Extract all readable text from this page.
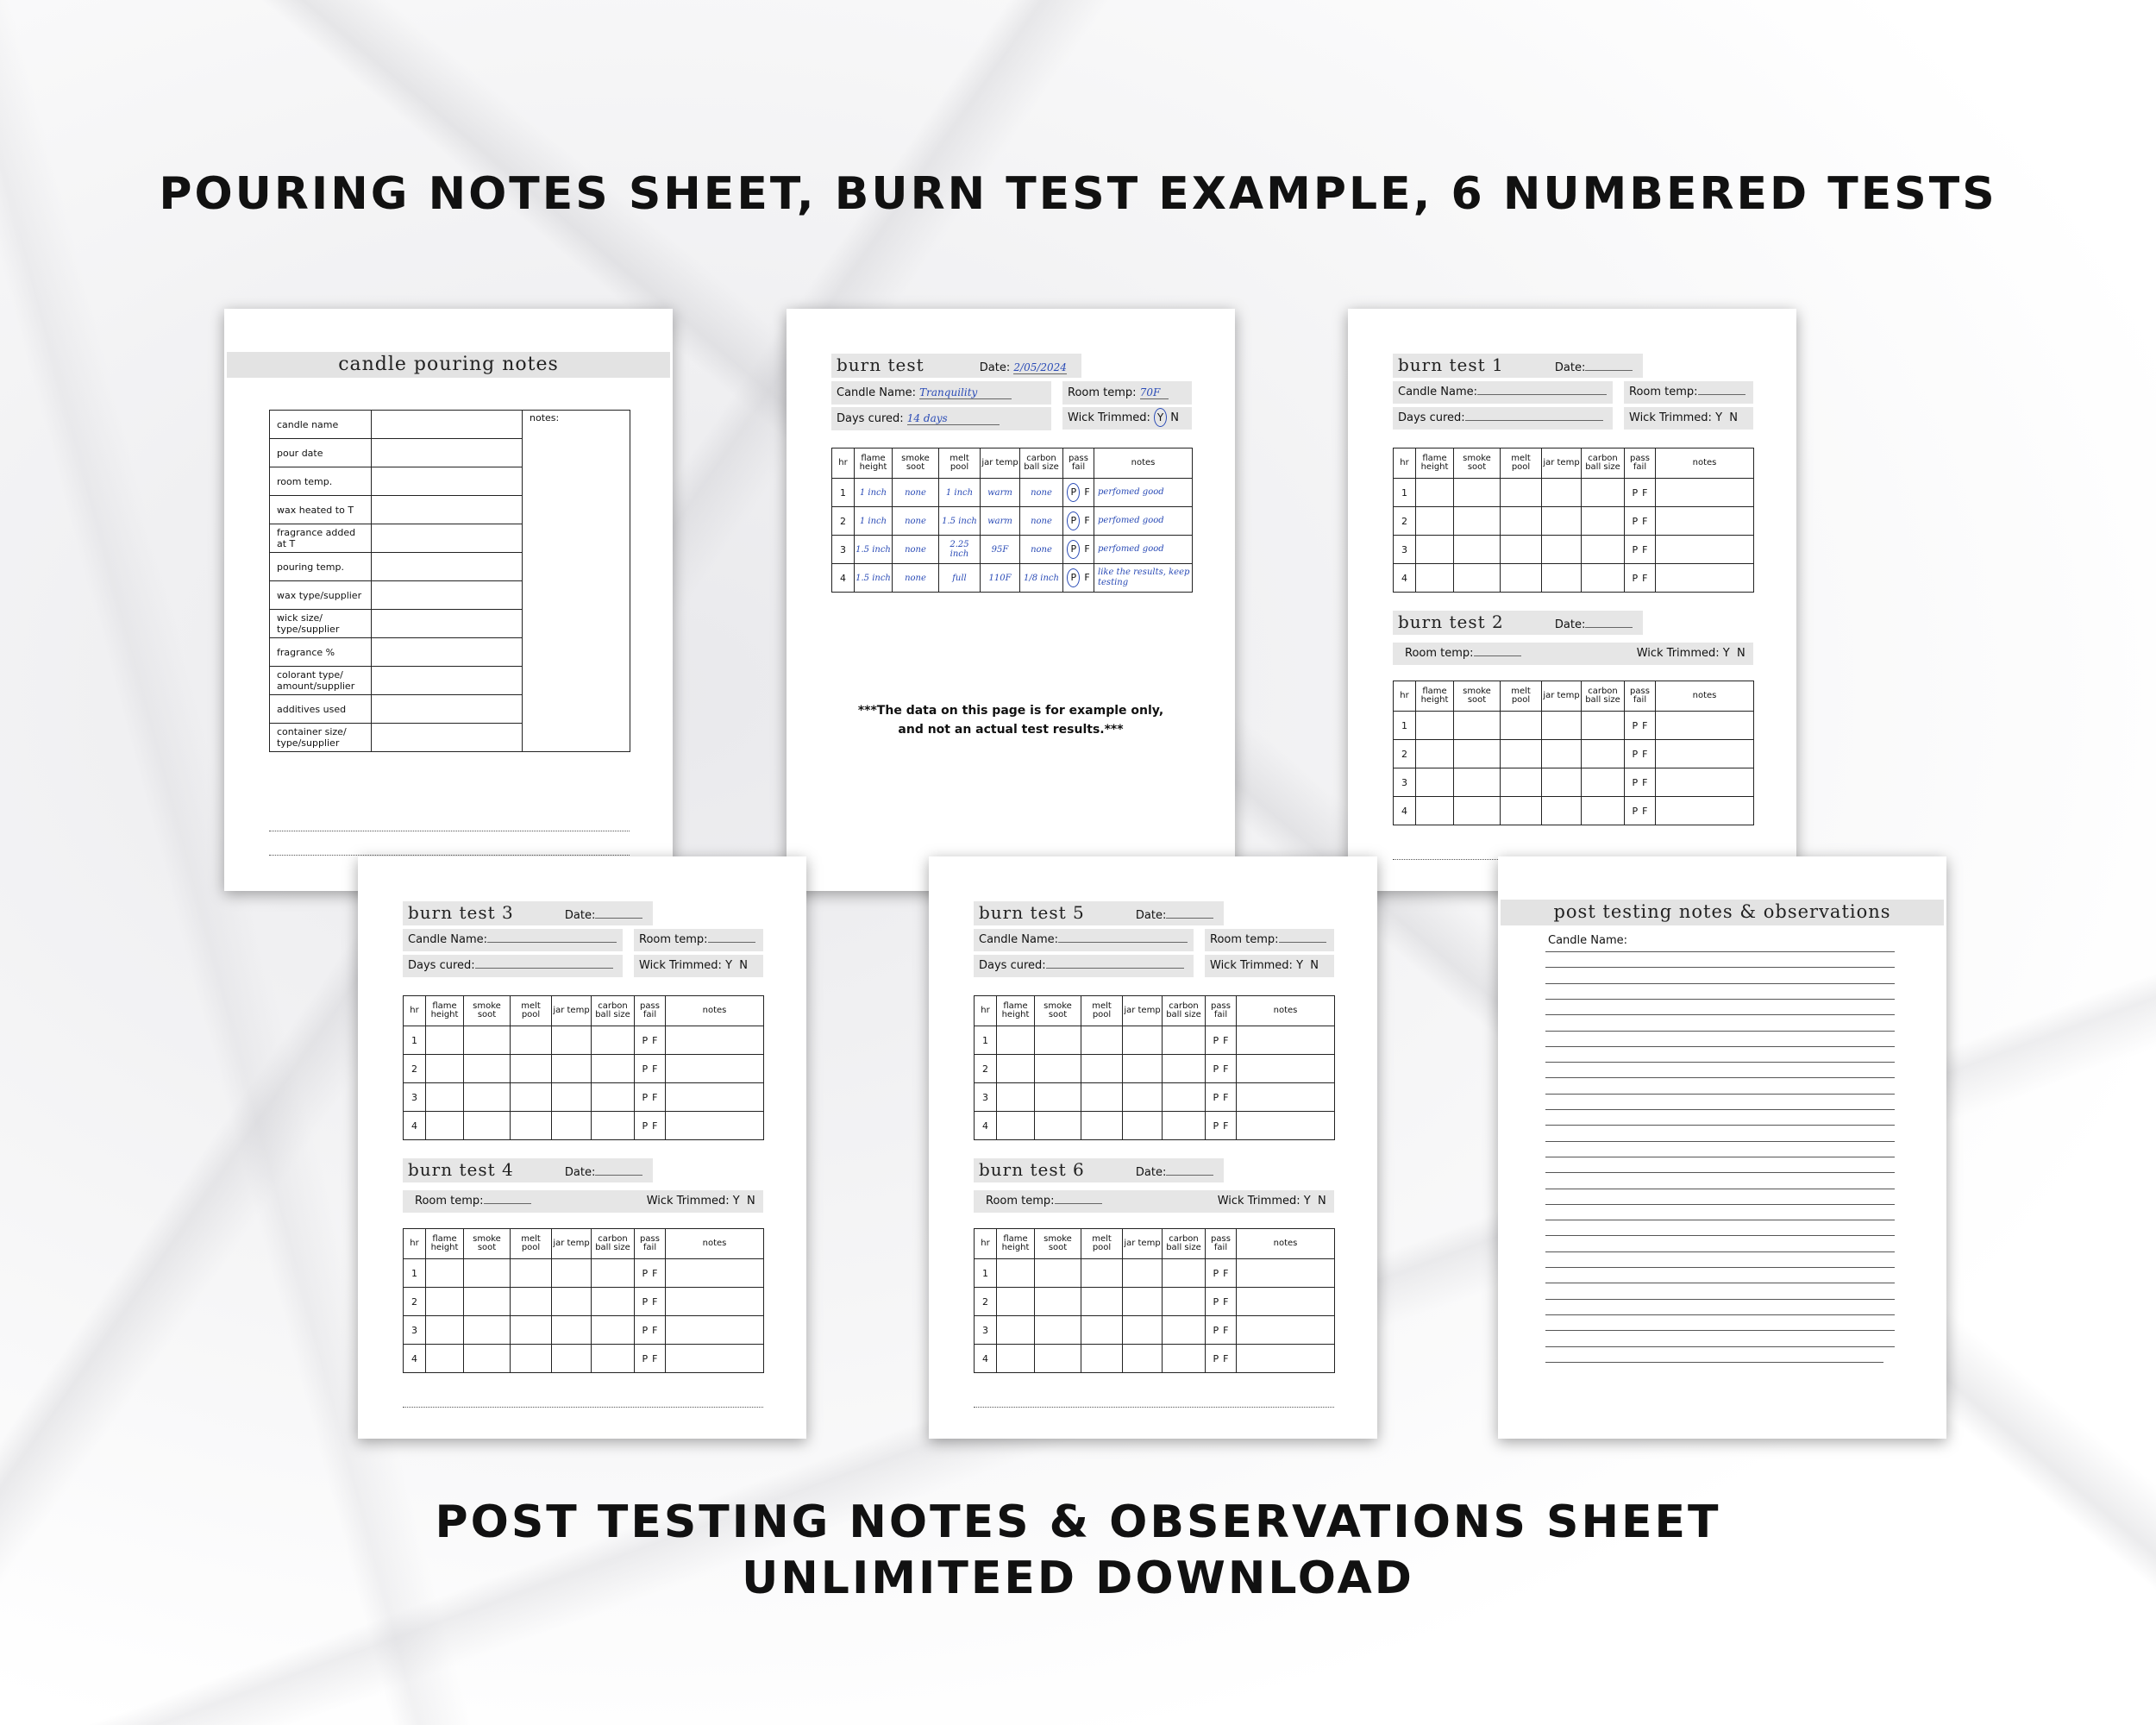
POURING NOTES SHEET, BURN TEST EXAMPLE, 6 NUMBERED TESTS
POST TESTING NOTES & OBSERVATIONS SHEET
UNLIMITEED DOWNLOAD
candle pouring notes
candle name		notes:
pour date		
room temp.		
wax heated to T		
fragrance added at T		
pouring temp.		
wax type/supplier		
wick size/ type/supplier		
fragrance %		
colorant type/ amount/supplier		
additives used		
container size/ type/supplier		
burn test	Date: 2/05/2024
Candle Name: Tranquility	Room temp: 70F
Days cured: 14 days	Wick Trimmed: Y N
hr	flame height	smoke soot	melt pool	jar temp	carbon ball size	pass fail	notes
1	1 inch	none	1 inch	warm	none	P F	perfomed good
2	1 inch	none	1.5 inch	warm	none	P F	perfomed good
3	1.5 inch	none	2.25 inch	95F	none	P F	perfomed good
4	1.5 inch	none	full	110F	1/8 inch	P F	like the results, keep testing
***The data on this page is for example only,
and not an actual test results.***
burn test 1	Date:
Candle Name:	Room temp:
Days cured:	Wick Trimmed: Y  N
hr	flame height	smoke soot	melt pool	jar temp	carbon ball size	pass fail	notes
1						P F	
2						P F	
3						P F	
4						P F	
burn test 2	Date:
Room temp:	Wick Trimmed: Y  N
hr	flame height	smoke soot	melt pool	jar temp	carbon ball size	pass fail	notes
1						P F	
2						P F	
3						P F	
4						P F	
burn test 3	Date:
Candle Name:	Room temp:
Days cured:	Wick Trimmed: Y  N
hr	flame height	smoke soot	melt pool	jar temp	carbon ball size	pass fail	notes
1						P F	
2						P F	
3						P F	
4						P F	
burn test 4	Date:
Room temp:	Wick Trimmed: Y  N
hr	flame height	smoke soot	melt pool	jar temp	carbon ball size	pass fail	notes
1						P F	
2						P F	
3						P F	
4						P F	
burn test 5	Date:
Candle Name:	Room temp:
Days cured:	Wick Trimmed: Y  N
hr	flame height	smoke soot	melt pool	jar temp	carbon ball size	pass fail	notes
1						P F	
2						P F	
3						P F	
4						P F	
burn test 6	Date:
Room temp:	Wick Trimmed: Y  N
hr	flame height	smoke soot	melt pool	jar temp	carbon ball size	pass fail	notes
1						P F	
2						P F	
3						P F	
4						P F	
post testing notes & observations
Candle Name:
